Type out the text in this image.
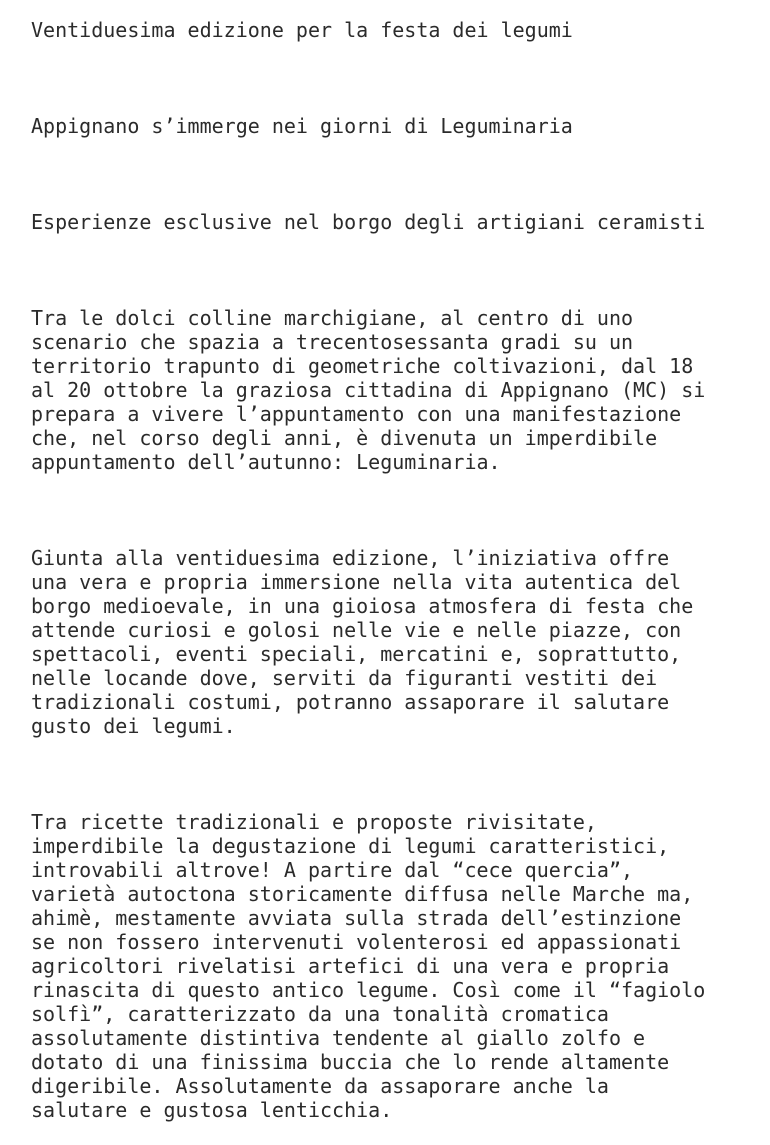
Ventiduesima edizione per la festa dei legumi
Appignano s’immerge nei giorni di Leguminaria
Esperienze esclusive nel borgo degli artigiani ceramisti
Tra le dolci colline marchigiane, al centro di uno
scenario che spazia a trecentosessanta gradi su un
territorio trapunto di geometriche coltivazioni, dal 18
al 20 ottobre la graziosa cittadina di Appignano (MC) si
prepara a vivere l’appuntamento con una manifestazione
che, nel corso degli anni, è divenuta un imperdibile
appuntamento dell’autunno: Leguminaria.
Giunta alla ventiduesima edizione, l’iniziativa offre
una vera e propria immersione nella vita autentica del
borgo medioevale, in una gioiosa atmosfera di festa che
attende curiosi e golosi nelle vie e nelle piazze, con
spettacoli, eventi speciali, mercatini e, soprattutto,
nelle locande dove, serviti da figuranti vestiti dei
tradizionali costumi, potranno assaporare il salutare
gusto dei legumi.
Tra ricette tradizionali e proposte rivisitate,
imperdibile la degustazione di legumi caratteristici,
introvabili altrove! A partire dal “cece quercia”,
varietà autoctona storicamente diffusa nelle Marche ma,
ahimè, mestamente avviata sulla strada dell’estinzione
se non fossero intervenuti volenterosi ed appassionati
agricoltori rivelatisi artefici di una vera e propria
rinascita di questo antico legume. Così come il “fagiolo
solfì”, caratterizzato da una tonalità cromatica
assolutamente distintiva tendente al giallo zolfo e
dotato di una finissima buccia che lo rende altamente
digeribile. Assolutamente da assaporare anche la
salutare e gustosa lenticchia.
